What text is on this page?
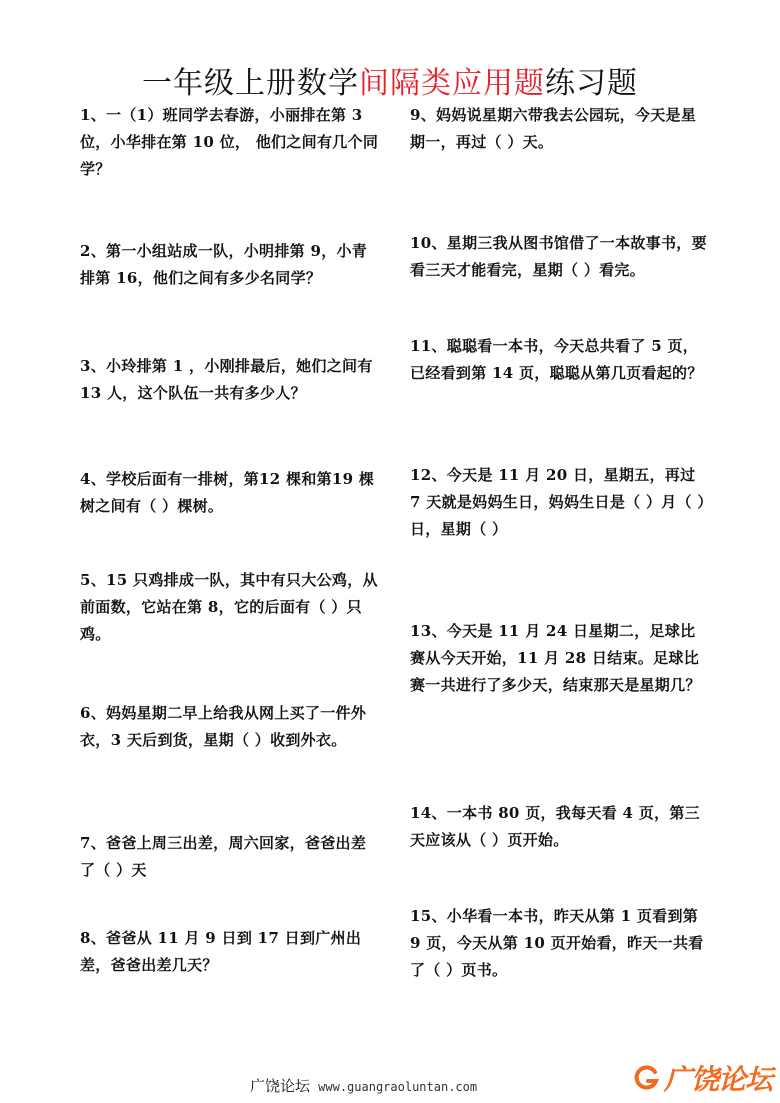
一年级上册数学间隔类应用题练习题
1、一（1）班同学去春游，小丽排在第 3 位，小华排在第 10 位， 他们之间有几个同学？
2、第一小组站成一队，小明排第 9，小青排第 16，他们之间有多少名同学？
3、小玲排第 1 ，小刚排最后，她们之间有 13 人，这个队伍一共有多少人？
4、学校后面有一排树，第12 棵和第19 棵树之间有（ ）棵树。
5、15 只鸡排成一队，其中有只大公鸡，从前面数，它站在第 8，它的后面有（ ）只鸡。
6、妈妈星期二早上给我从网上买了一件外衣，3 天后到货，星期（ ）收到外衣。
7、爸爸上周三出差，周六回家，爸爸出差了（ ）天
8、爸爸从 11 月 9 日到 17 日到广州出差，爸爸出差几天？
9、妈妈说星期六带我去公园玩，今天是星期一，再过（ ）天。
10、星期三我从图书馆借了一本故事书，要看三天才能看完，星期（ ）看完。
11、聪聪看一本书，今天总共看了 5 页，已经看到第 14 页，聪聪从第几页看起的？
12、今天是 11 月 20 日，星期五，再过 7 天就是妈妈生日，妈妈生日是（ ）月（ ）日，星期（ ）
13、今天是 11 月 24 日星期二，足球比赛从今天开始，11 月 28 日结束。足球比赛一共进行了多少天，结束那天是星期几？
14、一本书 80 页，我每天看 4 页，第三天应该从（ ）页开始。
15、小华看一本书，昨天从第 1 页看到第 9 页，今天从第 10 页开始看，昨天一共看了（ ）页书。
广饶论坛 www.guangraoluntan.com	广饶论坛
